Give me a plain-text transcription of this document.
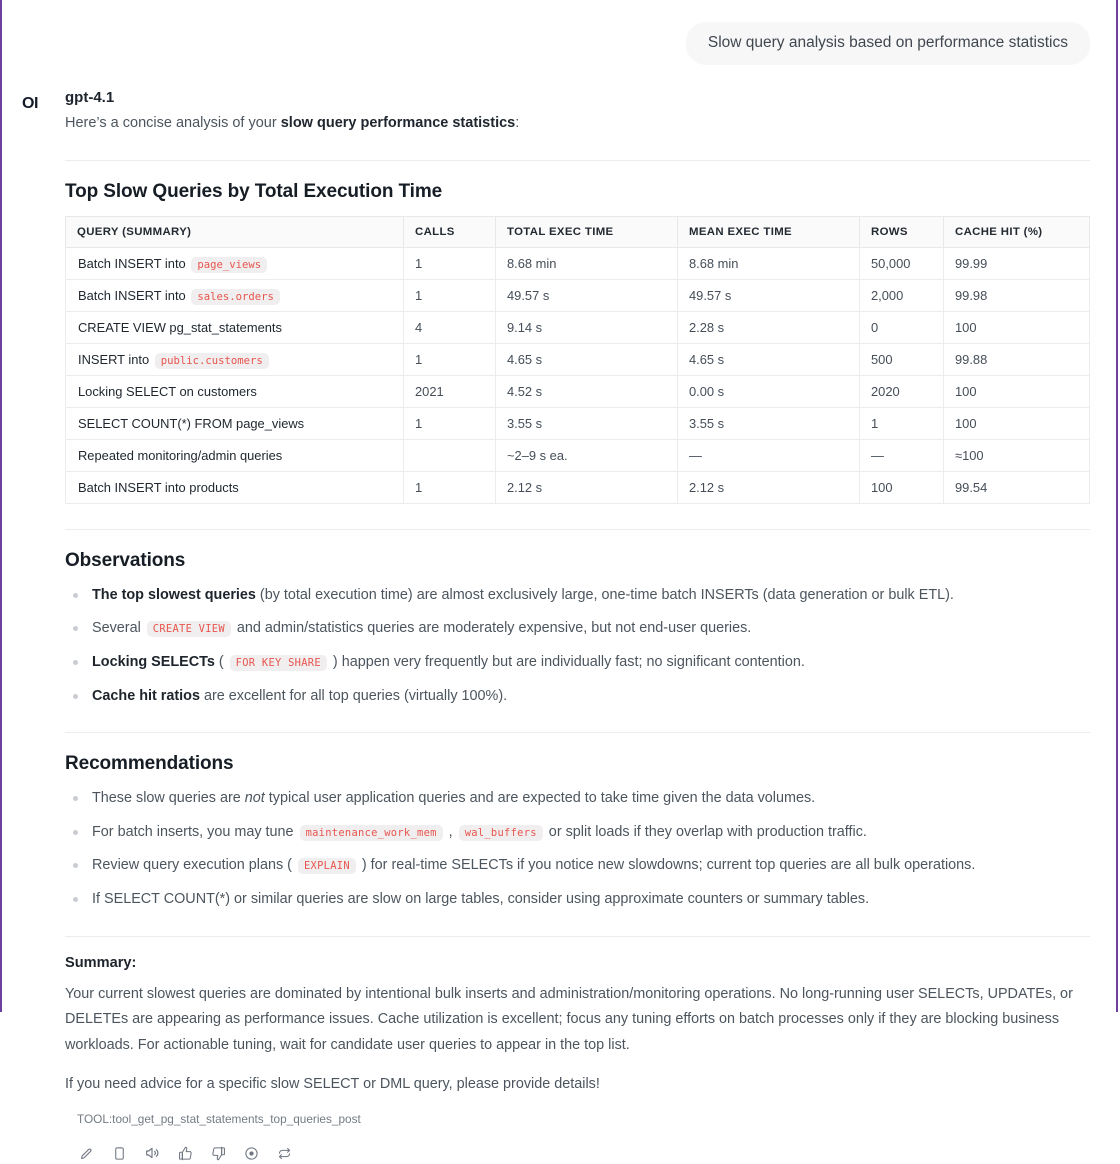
Slow query analysis based on performance statistics
OI	gpt-4.1

Here’s a concise analysis of your slow query performance statistics:

Top Slow Queries by Total Execution Time
QUERY (SUMMARY)	CALLS	TOTAL EXEC TIME	MEAN EXEC TIME	ROWS	CACHE HIT (%)
Batch INSERT into page_views	1	8.68 min	8.68 min	50,000	99.99
Batch INSERT into sales.orders	1	49.57 s	49.57 s	2,000	99.98
CREATE VIEW pg_stat_statements	4	9.14 s	2.28 s	0	100
INSERT into public.customers	1	4.65 s	4.65 s	500	99.88
Locking SELECT on customers	2021	4.52 s	0.00 s	2020	100
SELECT COUNT(*) FROM page_views	1	3.55 s	3.55 s	1	100
Repeated monitoring/admin queries		~2–9 s ea.	—	—	≈100
Batch INSERT into products	1	2.12 s	2.12 s	100	99.54
Observations
The top slowest queries (by total execution time) are almost exclusively large, one-time batch INSERTs (data generation or bulk ETL).
Several CREATE VIEW and admin/statistics queries are moderately expensive, but not end-user queries.
Locking SELECTs ( FOR KEY SHARE ) happen very frequently but are individually fast; no significant contention.
Cache hit ratios are excellent for all top queries (virtually 100%).
Recommendations
These slow queries are not typical user application queries and are expected to take time given the data volumes.
For batch inserts, you may tune maintenance_work_mem , wal_buffers or split loads if they overlap with production traffic.
Review query execution plans ( EXPLAIN ) for real-time SELECTs if you notice new slowdowns; current top queries are all bulk operations.
If SELECT COUNT(*) or similar queries are slow on large tables, consider using approximate counters or summary tables.
Summary:

Your current slowest queries are dominated by intentional bulk inserts and administration/monitoring operations. No long-running user SELECTs, UPDATEs, or DELETEs are appearing as performance issues. Cache utilization is excellent; focus any tuning efforts on batch processes only if they are blocking business workloads. For actionable tuning, wait for candidate user queries to appear in the top list.

If you need advice for a specific slow SELECT or DML query, please provide details!

TOOL:tool_get_pg_stat_statements_top_queries_post
